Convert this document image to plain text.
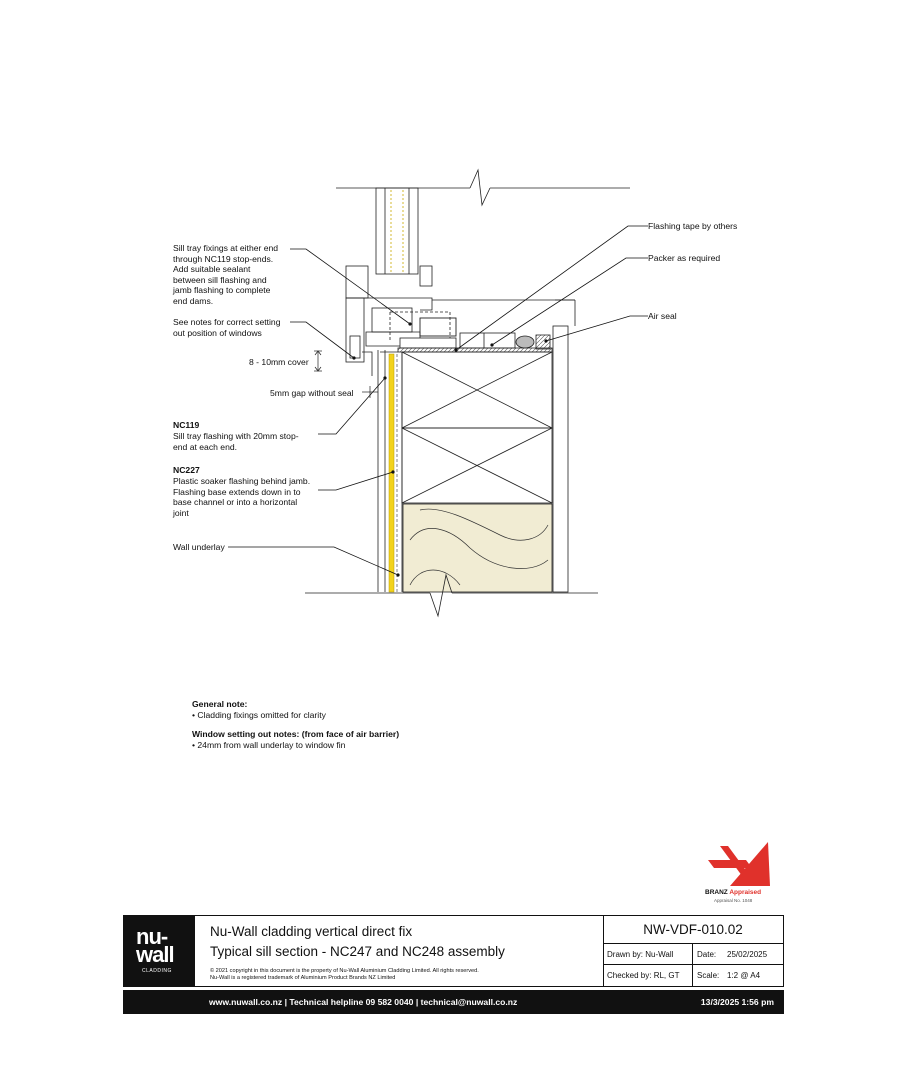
Sill tray fixings at either end
through NC119 stop-ends.
Add suitable sealant
between sill flashing and
jamb flashing to complete
end dams.
See notes for correct setting
out position of windows
8 - 10mm cover
5mm gap without seal
NC119
Sill tray flashing with 20mm stop-
end at each end.
NC227
Plastic soaker flashing behind jamb.
Flashing base extends down in to
base channel or into a horizontal
joint
Wall underlay
Flashing tape by others
Packer as required
Air seal
General note:
• Cladding fixings omitted for clarity
Window setting out notes: (from face of air barrier)
• 24mm from wall underlay to window fin
BRANZ Appraised
Appraisal No. 1048
nu-
wall
CLADDING
Nu-Wall cladding vertical direct fix
Typical sill section - NC247 and NC248 assembly
© 2021 copyright in this document is the property of Nu-Wall Aluminium Cladding Limited. All rights reserved. Nu-Wall is a registered trademark of Aluminium Product Brands NZ Limited
NW-VDF-010.02
Drawn by: Nu-Wall	Date: 25/02/2025
Checked by: RL, GT Scale: 1:2 @ A4
www.nuwall.co.nz | Technical helpline 09 582 0040 | technical@nuwall.co.nz	13/3/2025 1:56 pm
